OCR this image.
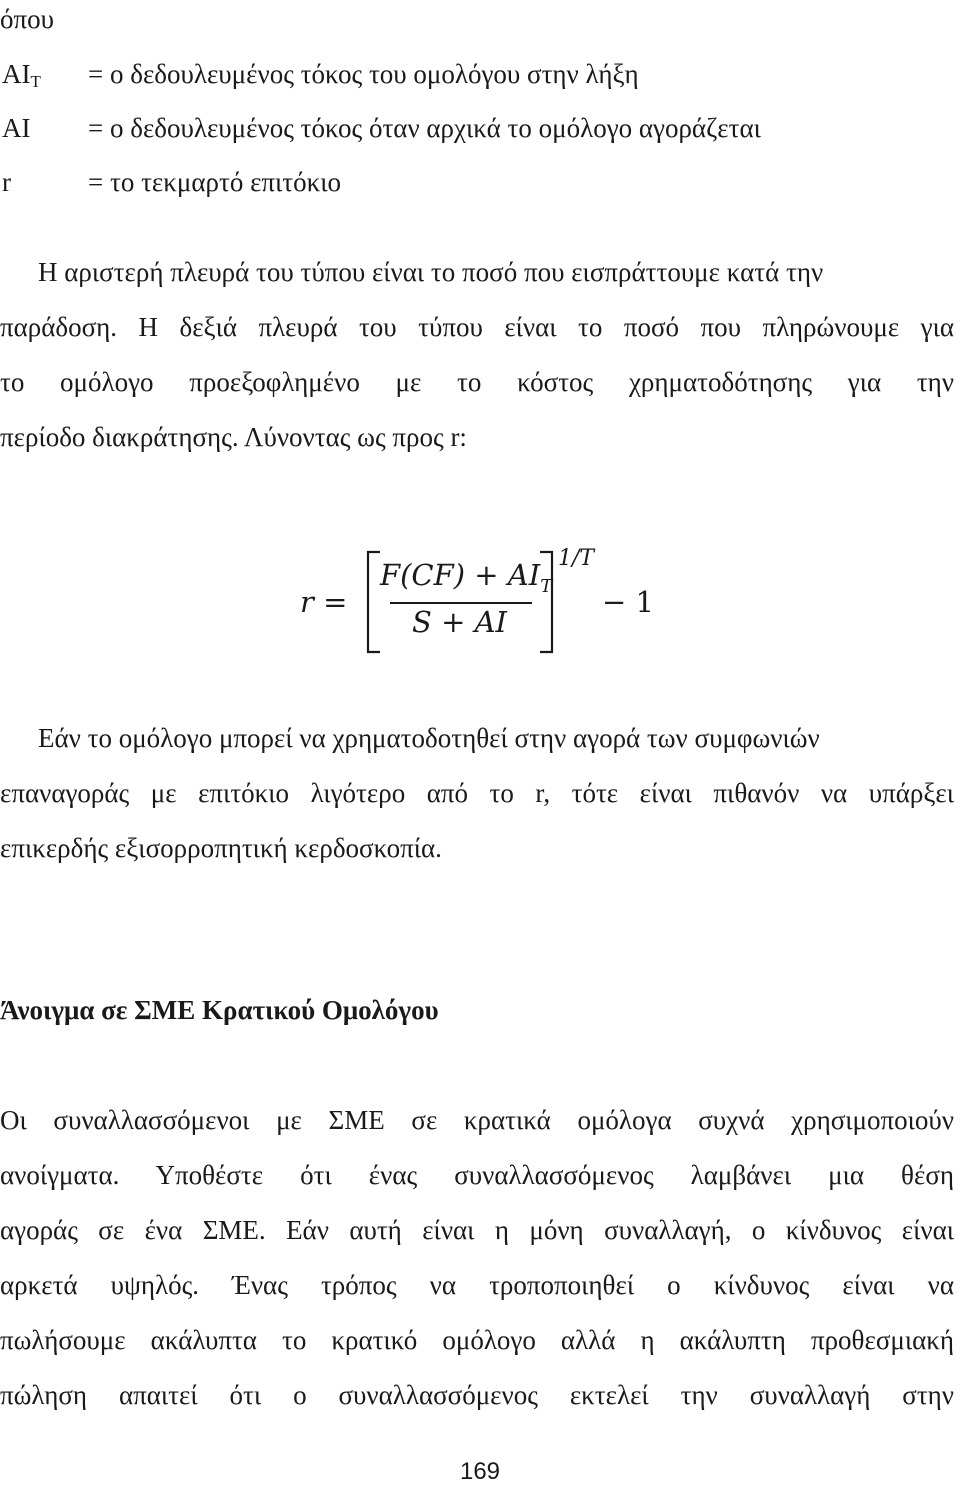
όπου
$AI_T = o$ δεδουλευμένος τόκος του ομολόγου στην λήξη
AI = ο δεδουλευμένος τόκος όταν αρχικά το ομόλογο αγοράζεται
r	= το τεκμαρτό επιτόκιο
Η αριστερή πλευρά του τύπου είναι το ποσό που εισπράττουμε κατά την
παράδοση. Η δεξιά πλευρά του τύπου είναι το ποσό που πληρώνουμε για
το ομόλογο προεξοφλημένο με το κόστος χρηματοδότησης για την
περίοδο διακράτησης. Λύνοντας ως προς r:
r =
$F(CF) + AI_T$
S + AI
1/T
− 1
Εάν το ομόλογο μπορεί να χρηματοδοτηθεί στην αγορά των συμφωνιών
επαναγοράς με επιτόκιο λιγότερο από το r, τότε είναι πιθανόν να υπάρξει
επικερδής εξισορροπητική κερδοσκοπία.
Άνοιγμα σε ΣΜΕ Κρατικού Ομολόγου
Οι συναλλασσόμενοι με ΣΜΕ σε κρατικά ομόλογα συχνά χρησιμοποιούν
ανοίγματα. Υποθέστε ότι ένας συναλλασσόμενος λαμβάνει μια θέση
αγοράς σε ένα ΣΜΕ. Εάν αυτή είναι η μόνη συναλλαγή, ο κίνδυνος είναι
αρκετά υψηλός. Ένας τρόπος να τροποποιηθεί ο κίνδυνος είναι να
πωλήσουμε ακάλυπτα το κρατικό ομόλογο αλλά η ακάλυπτη προθεσμιακή
πώληση απαιτεί ότι ο συναλλασσόμενος εκτελεί την συναλλαγή στην
169
